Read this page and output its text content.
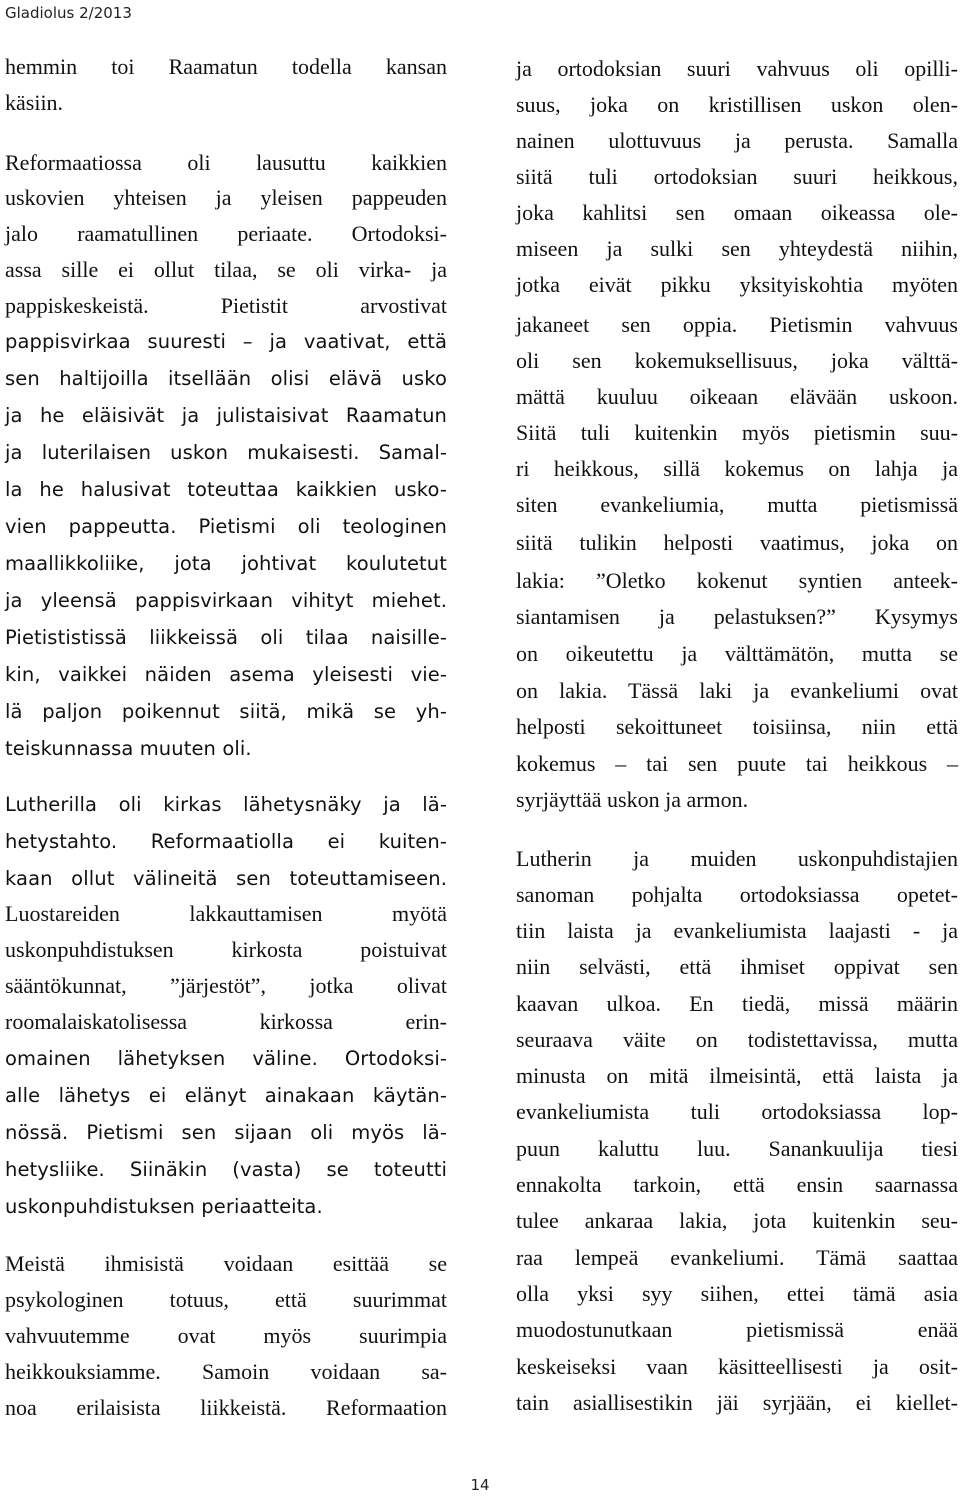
Gladiolus 2/2013
hemmin toi Raamatun todella kansan
käsiin.
Reformaatiossa oli lausuttu kaikkien
uskovien yhteisen ja yleisen pappeuden
jalo raamatullinen periaate. Ortodoksi-
assa sille ei ollut tilaa, se oli virka- ja
pappiskeskeistä. Pietistit arvostivat
pappisvirkaa suuresti – ja vaativat, että
sen haltijoilla itsellään olisi elävä usko
ja he eläisivät ja julistaisivat Raamatun
ja luterilaisen uskon mukaisesti. Samal-
la he halusivat toteuttaa kaikkien usko-
vien pappeutta. Pietismi oli teologinen
maallikkoliike, jota johtivat koulutetut
ja yleensä pappisvirkaan vihityt miehet.
Pietististissä liikkeissä oli tilaa naisille-
kin, vaikkei näiden asema yleisesti vie-
lä paljon poikennut siitä, mikä se yh-
teiskunnassa muuten oli.
Lutherilla oli kirkas lähetysnäky ja lä-
hetystahto. Reformaatiolla ei kuiten-
kaan ollut välineitä sen toteuttamiseen.
Luostareiden lakkauttamisen myötä
uskonpuhdistuksen kirkosta poistuivat
sääntökunnat, ”järjestöt”, jotka olivat
roomalaiskatolisessa kirkossa erin-
omainen lähetyksen väline. Ortodoksi-
alle lähetys ei elänyt ainakaan käytän-
nössä. Pietismi sen sijaan oli myös lä-
hetysliike. Siinäkin (vasta) se toteutti
uskonpuhdistuksen periaatteita.
Meistä ihmisistä voidaan esittää se
psykologinen totuus, että suurimmat
vahvuutemme ovat myös suurimpia
heikkouksiamme. Samoin voidaan sa-
noa erilaisista liikkeistä. Reformaation
ja ortodoksian suuri vahvuus oli opilli-
suus, joka on kristillisen uskon olen-
nainen ulottuvuus ja perusta. Samalla
siitä tuli ortodoksian suuri heikkous,
joka kahlitsi sen omaan oikeassa ole-
miseen ja sulki sen yhteydestä niihin,
jotka eivät pikku yksityiskohtia myöten
jakaneet sen oppia. Pietismin vahvuus
oli sen kokemuksellisuus, joka välttä-
mättä kuuluu oikeaan elävään uskoon.
Siitä tuli kuitenkin myös pietismin suu-
ri heikkous, sillä kokemus on lahja ja
siten evankeliumia, mutta pietismissä
siitä tulikin helposti vaatimus, joka on
lakia: ”Oletko kokenut syntien anteek-
siantamisen ja pelastuksen?” Kysymys
on oikeutettu ja välttämätön, mutta se
on lakia. Tässä laki ja evankeliumi ovat
helposti sekoittuneet toisiinsa, niin että
kokemus – tai sen puute tai heikkous –
syrjäyttää uskon ja armon.
Lutherin ja muiden uskonpuhdistajien
sanoman pohjalta ortodoksiassa opetet-
tiin laista ja evankeliumista laajasti - ja
niin selvästi, että ihmiset oppivat sen
kaavan ulkoa. En tiedä, missä määrin
seuraava väite on todistettavissa, mutta
minusta on mitä ilmeisintä, että laista ja
evankeliumista tuli ortodoksiassa lop-
puun kaluttu luu. Sanankuulija tiesi
ennakolta tarkoin, että ensin saarnassa
tulee ankaraa lakia, jota kuitenkin seu-
raa lempeä evankeliumi. Tämä saattaa
olla yksi syy siihen, ettei tämä asia
muodostunutkaan pietismissä enää
keskeiseksi vaan käsitteellisesti ja osit-
tain asiallisestikin jäi syrjään, ei kiellet-
14
